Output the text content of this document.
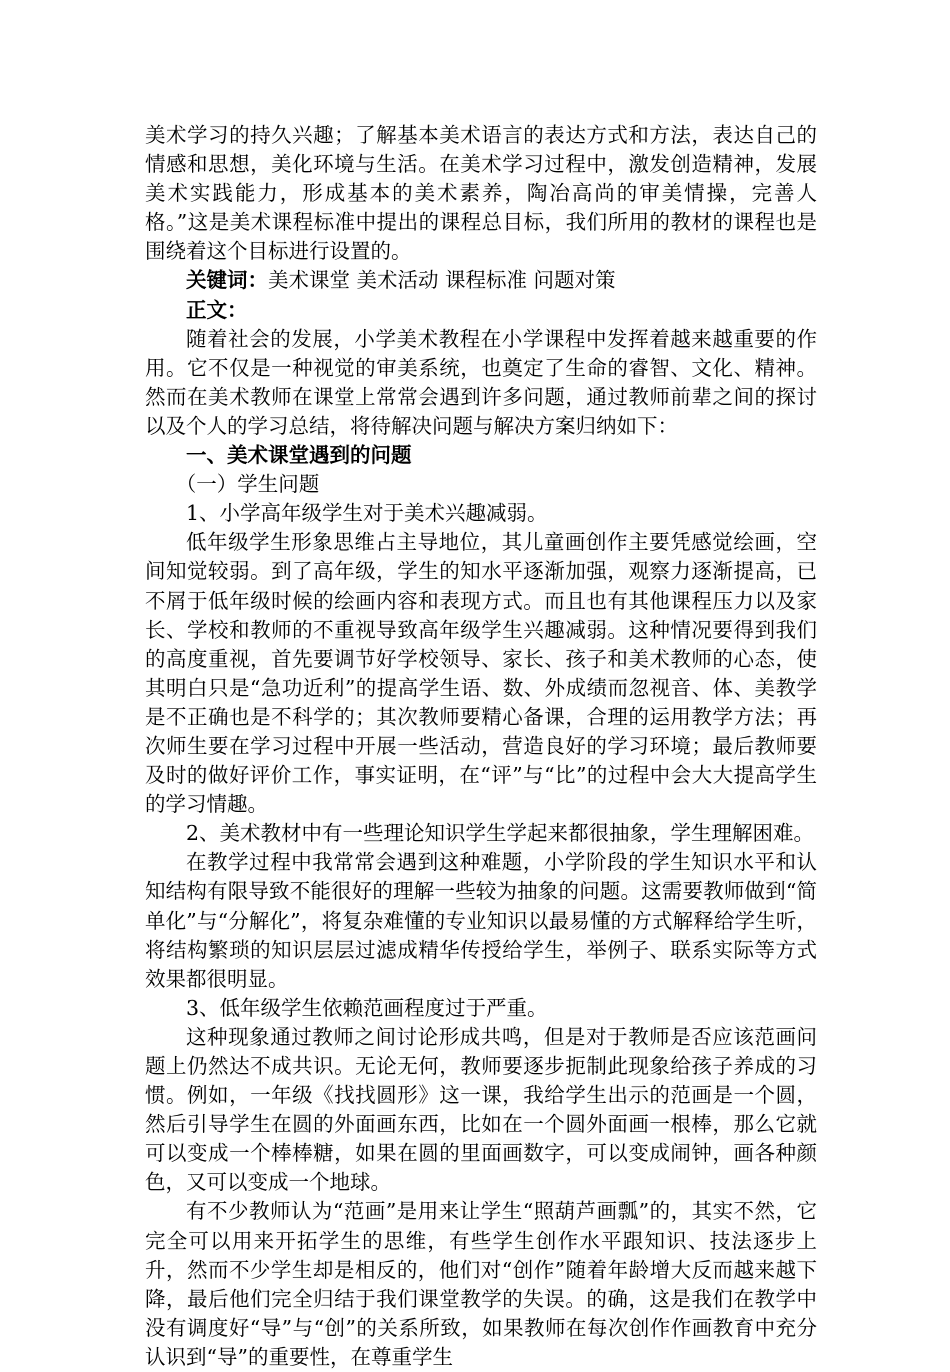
美术学习的持久兴趣；了解基本美术语言的表达方式和方法，表达自己的情感和思想，美化环境与生活。在美术学习过程中，激发创造精神，发展美术实践能力，形成基本的美术素养，陶冶高尚的审美情操，完善人格。”这是美术课程标准中提出的课程总目标，我们所用的教材的课程也是围绕着这个目标进行设置的。

关键词：美术课堂 美术活动 课程标准 问题对策

正文：

随着社会的发展，小学美术教程在小学课程中发挥着越来越重要的作用。它不仅是一种视觉的审美系统，也奠定了生命的睿智、文化、精神。然而在美术教师在课堂上常常会遇到许多问题，通过教师前辈之间的探讨以及个人的学习总结，将待解决问题与解决方案归纳如下：

一、美术课堂遇到的问题

（一）学生问题

1、小学高年级学生对于美术兴趣减弱。

低年级学生形象思维占主导地位，其儿童画创作主要凭感觉绘画，空间知觉较弱。到了高年级，学生的知水平逐渐加强，观察力逐渐提高，已不屑于低年级时候的绘画内容和表现方式。而且也有其他课程压力以及家长、学校和教师的不重视导致高年级学生兴趣减弱。这种情况要得到我们的高度重视，首先要调节好学校领导、家长、孩子和美术教师的心态，使其明白只是“急功近利”的提高学生语、数、外成绩而忽视音、体、美教学是不正确也是不科学的；其次教师要精心备课，合理的运用教学方法；再次师生要在学习过程中开展一些活动，营造良好的学习环境；最后教师要及时的做好评价工作，事实证明，在“评”与“比”的过程中会大大提高学生的学习情趣。

2、美术教材中有一些理论知识学生学起来都很抽象，学生理解困难。

在教学过程中我常常会遇到这种难题，小学阶段的学生知识水平和认知结构有限导致不能很好的理解一些较为抽象的问题。这需要教师做到“简单化”与“分解化”，将复杂难懂的专业知识以最易懂的方式解释给学生听，将结构繁琐的知识层层过滤成精华传授给学生，举例子、联系实际等方式效果都很明显。

3、低年级学生依赖范画程度过于严重。

这种现象通过教师之间讨论形成共鸣，但是对于教师是否应该范画问题上仍然达不成共识。无论无何，教师要逐步扼制此现象给孩子养成的习惯。例如，一年级《找找圆形》这一课，我给学生出示的范画是一个圆，然后引导学生在圆的外面画东西，比如在一个圆外面画一根棒，那么它就可以变成一个棒棒糖，如果在圆的里面画数字，可以变成闹钟，画各种颜色，又可以变成一个地球。

有不少教师认为“范画”是用来让学生“照葫芦画瓢”的，其实不然，它完全可以用来开拓学生的思维，有些学生创作水平跟知识、技法逐步上升，然而不少学生却是相反的，他们对“创作”随着年龄增大反而越来越下降，最后他们完全归结于我们课堂教学的失误。的确，这是我们在教学中没有调度好“导”与“创”的关系所致，如果教师在每次创作作画教育中充分认识到“导”的重要性，在尊重学生
